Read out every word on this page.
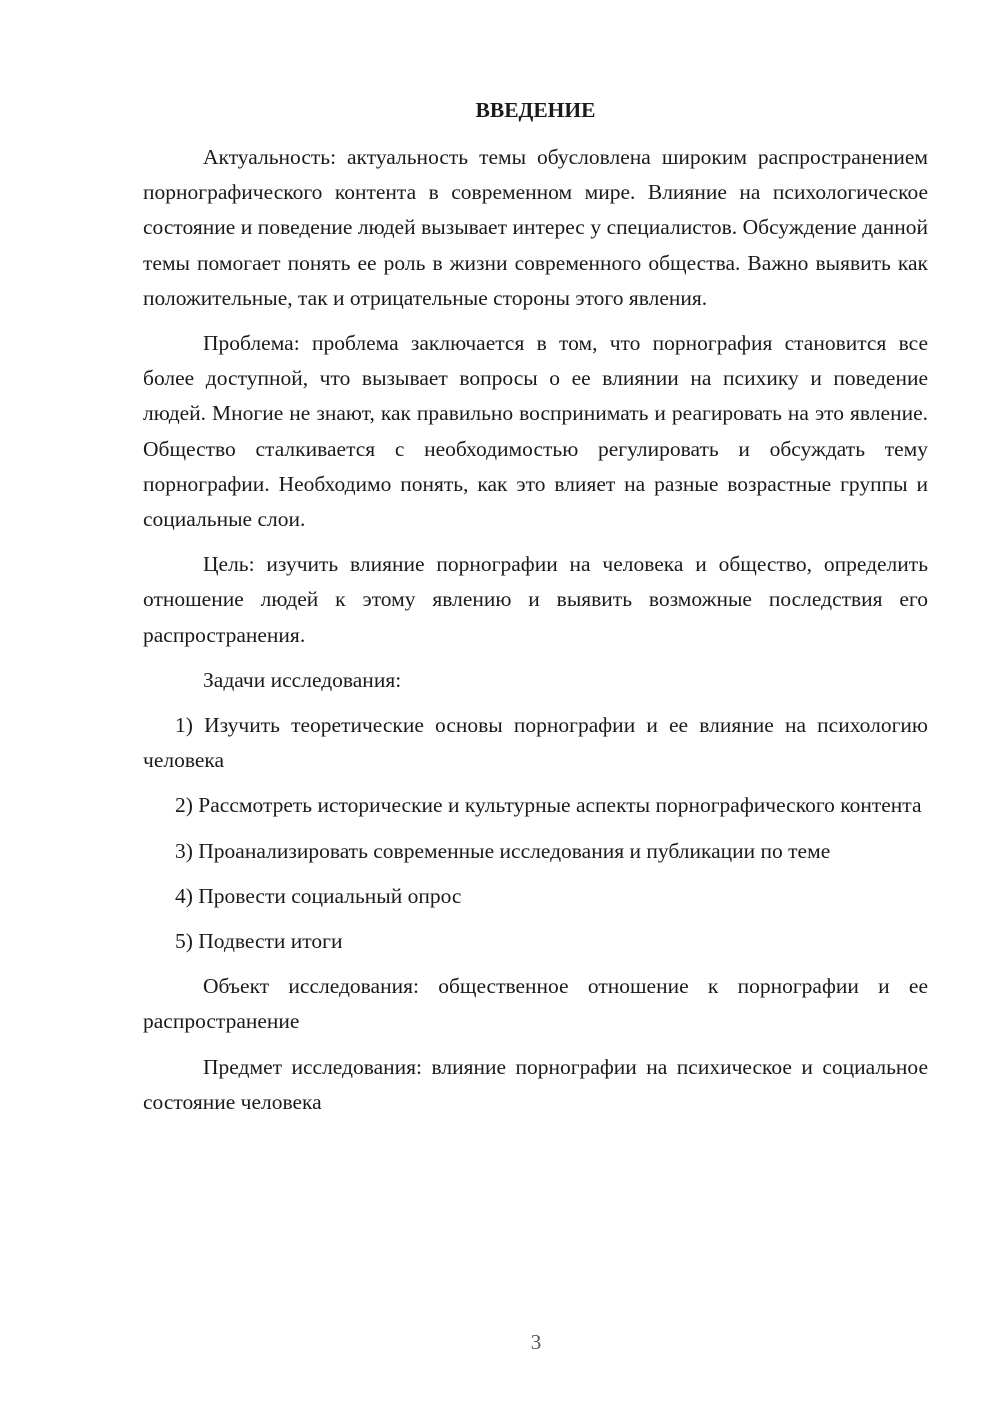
ВВЕДЕНИЕ

Актуальность: актуальность темы обусловлена широким распространением порнографического контента в современном мире. Влияние на психологическое состояние и поведение людей вызывает интерес у специалистов. Обсуждение данной темы помогает понять ее роль в жизни современного общества. Важно выявить как положительные, так и отрицательные стороны этого явления.

Проблема: проблема заключается в том, что порнография становится все более доступной, что вызывает вопросы о ее влиянии на психику и поведение людей. Многие не знают, как правильно воспринимать и реагировать на это явление. Общество сталкивается с необходимостью регулировать и обсуждать тему порнографии. Необходимо понять, как это влияет на разные возрастные группы и социальные слои.

Цель: изучить влияние порнографии на человека и общество, определить отношение людей к этому явлению и выявить возможные последствия его распространения.

Задачи исследования:

1) Изучить теоретические основы порнографии и ее влияние на психологию человека

2) Рассмотреть исторические и культурные аспекты порнографического контента

3) Проанализировать современные исследования и публикации по теме

4) Провести социальный опрос

5) Подвести итоги

Объект исследования: общественное отношение к порнографии и ее распространение

Предмет исследования: влияние порнографии на психическое и социальное состояние человека

3
